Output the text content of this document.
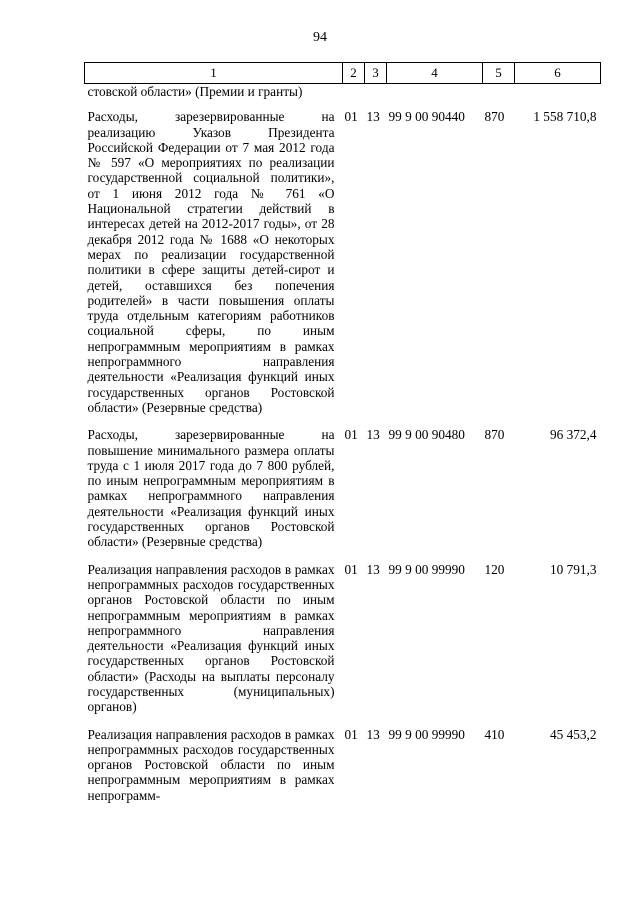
94
1	2	3	4	5	6
стовской области» (Премии и гранты)					
Расходы, зарезервированные на реализацию Указов Президента Российской Федерации от 7 мая 2012 года № 597 «О мероприятиях по реализации государственной социальной политики», от 1 июня 2012 года № 761 «О Национальной стратегии действий в интересах детей на 2012-2017 годы», от 28 декабря 2012 года № 1688 «О некоторых мерах по реализации государственной политики в сфере защиты детей-сирот и детей, оставшихся без попечения родителей» в части повышения оплаты труда отдельным категориям работников социальной сферы, по иным непрограммным мероприятиям в рамках непрограммного направления деятельности «Реализация функций иных государственных органов Ростовской области» (Резервные средства)	01	13	99 9 00 90440	870	1 558 710,8
Расходы, зарезервированные на повышение минимального размера оплаты труда с 1 июля 2017 года до 7 800 рублей, по иным непрограммным мероприятиям в рамках непрограммного направления деятельности «Реализация функций иных государственных органов Ростовской области» (Резервные средства)	01	13	99 9 00 90480	870	96 372,4
Реализация направления расходов в рамках непрограммных расходов государственных органов Ростовской области по иным непрограммным мероприятиям в рамках непрограммного направления деятельности «Реализация функций иных государственных органов Ростовской области» (Расходы на выплаты персоналу государственных (муниципальных) органов)	01	13	99 9 00 99990	120	10 791,3
Реализация направления расходов в рамках непрограммных расходов государственных органов Ростовской области по иным непрограммным мероприятиям в рамках непрограмм-	01	13	99 9 00 99990	410	45 453,2
